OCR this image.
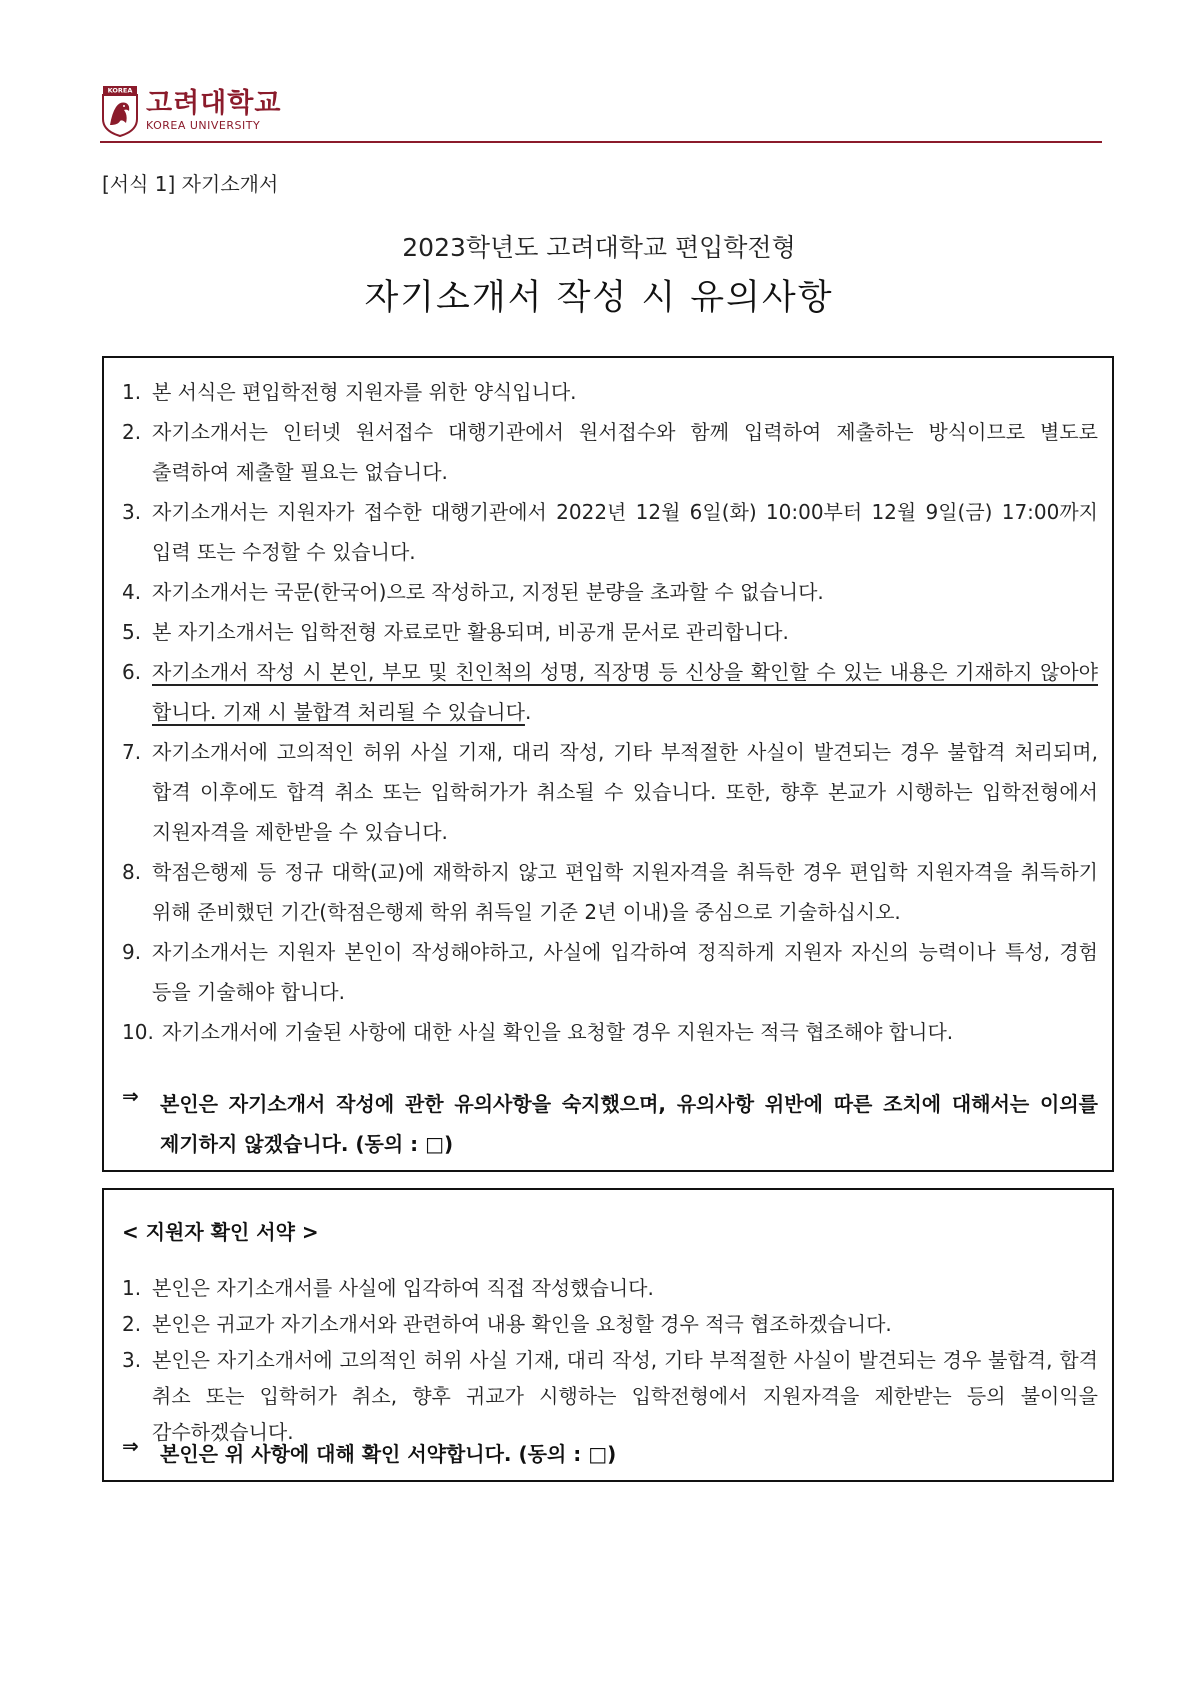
KOREA 고려대학교
KOREA UNIVERSITY
[서식 1] 자기소개서
2023학년도 고려대학교 편입학전형
자기소개서 작성 시 유의사항
1. 본 서식은 편입학전형 지원자를 위한 양식입니다.
2. 자기소개서는 인터넷 원서접수 대행기관에서 원서접수와 함께 입력하여 제출하는 방식이므로 별도로 출력하여 제출할 필요는 없습니다.
3. 자기소개서는 지원자가 접수한 대행기관에서 2022년 12월 6일(화) 10:00부터 12월 9일(금) 17:00까지 입력 또는 수정할 수 있습니다.
4. 자기소개서는 국문(한국어)으로 작성하고, 지정된 분량을 초과할 수 없습니다.
5. 본 자기소개서는 입학전형 자료로만 활용되며, 비공개 문서로 관리합니다.
6. 자기소개서 작성 시 본인, 부모 및 친인척의 성명, 직장명 등 신상을 확인할 수 있는 내용은 기재하지 않아야 합니다. 기재 시 불합격 처리될 수 있습니다.
7. 자기소개서에 고의적인 허위 사실 기재, 대리 작성, 기타 부적절한 사실이 발견되는 경우 불합격 처리되며, 합격 이후에도 합격 취소 또는 입학허가가 취소될 수 있습니다. 또한, 향후 본교가 시행하는 입학전형에서 지원자격을 제한받을 수 있습니다.
8. 학점은행제 등 정규 대학(교)에 재학하지 않고 편입학 지원자격을 취득한 경우 편입학 지원자격을 취득하기 위해 준비했던 기간(학점은행제 학위 취득일 기준 2년 이내)을 중심으로 기술하십시오.
9. 자기소개서는 지원자 본인이 작성해야하고, 사실에 입각하여 정직하게 지원자 자신의 능력이나 특성, 경험 등을 기술해야 합니다.
10. 자기소개서에 기술된 사항에 대한 사실 확인을 요청할 경우 지원자는 적극 협조해야 합니다.
⇒	본인은 자기소개서 작성에 관한 유의사항을 숙지했으며, 유의사항 위반에 따른 조치에 대해서는 이의를 제기하지 않겠습니다. (동의 : □)
< 지원자 확인 서약 >
1. 본인은 자기소개서를 사실에 입각하여 직접 작성했습니다.
2. 본인은 귀교가 자기소개서와 관련하여 내용 확인을 요청할 경우 적극 협조하겠습니다.
3. 본인은 자기소개서에 고의적인 허위 사실 기재, 대리 작성, 기타 부적절한 사실이 발견되는 경우 불합격, 합격 취소 또는 입학허가 취소, 향후 귀교가 시행하는 입학전형에서 지원자격을 제한받는 등의 불이익을 감수하겠습니다.
⇒	본인은 위 사항에 대해 확인 서약합니다. (동의 : □)
